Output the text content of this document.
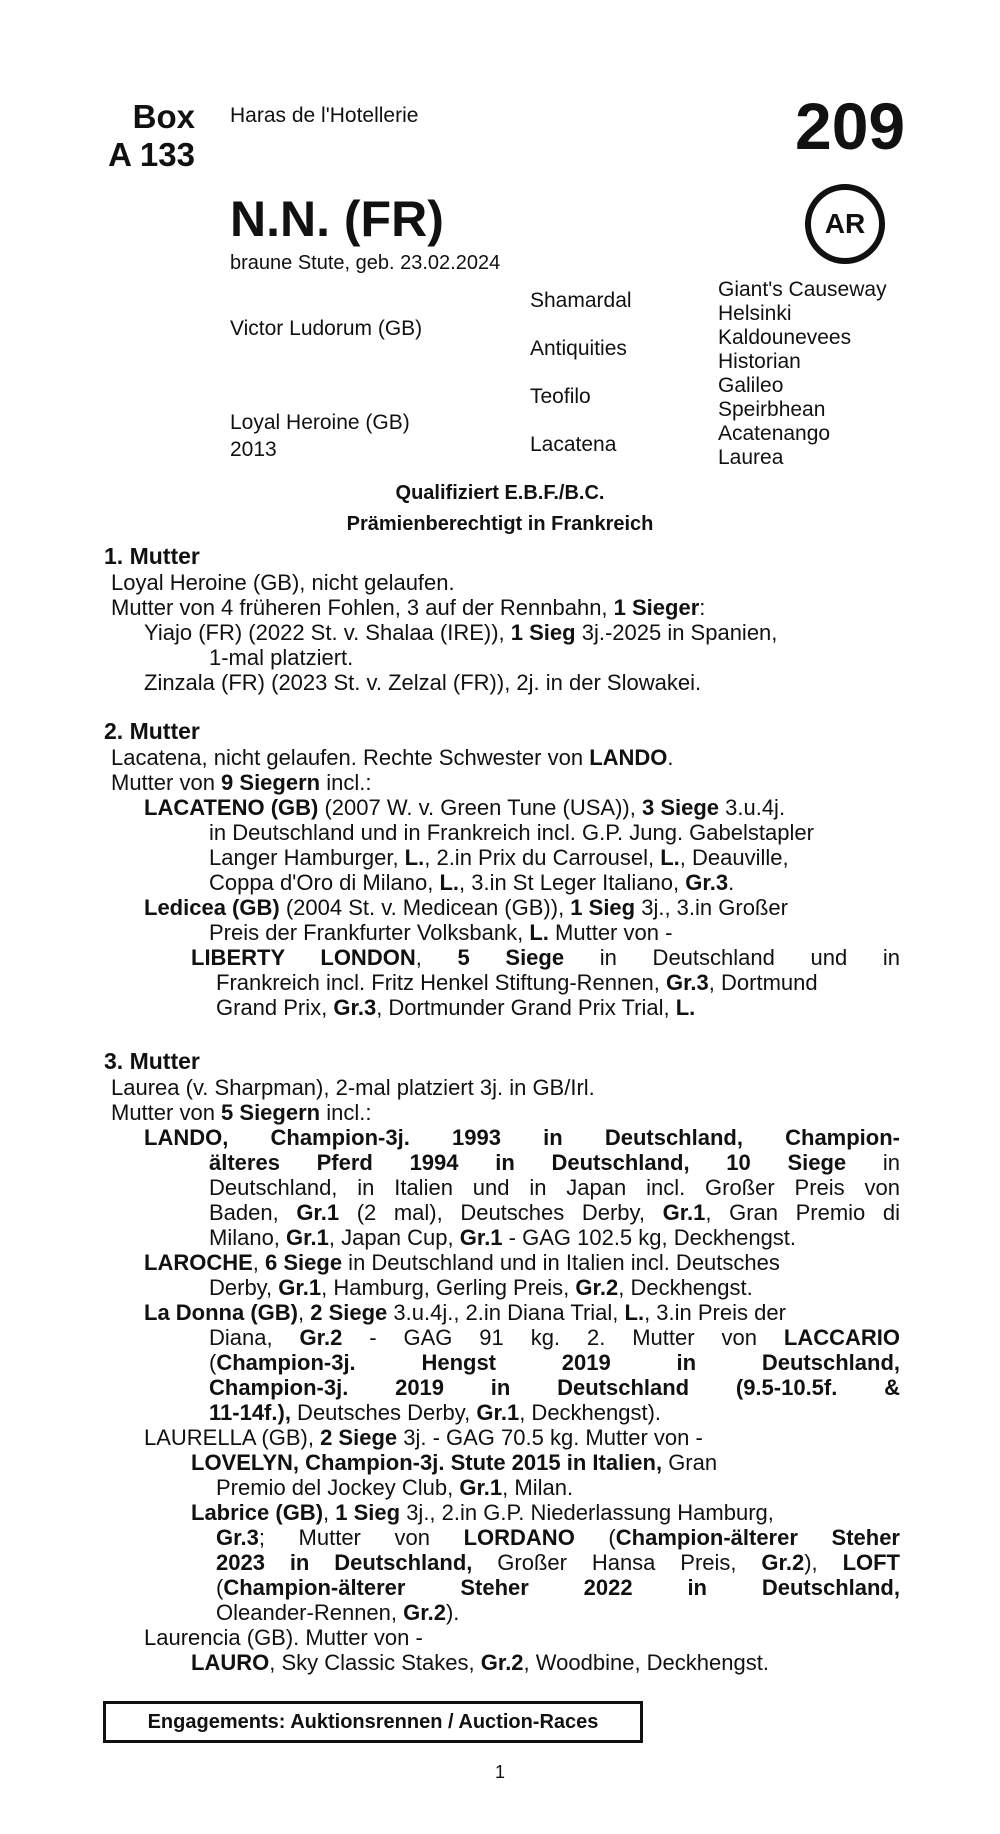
Box
A 133
Haras de l'Hotellerie	209
N.N. (FR)	AR
braune Stute, geb. 23.02.2024
Victor Ludorum (GB)
Loyal Heroine (GB)
2013
Shamardal
Antiquities
Teofilo
Lacatena
Giant's Causeway
Helsinki
Kaldounevees
Historian
Galileo
Speirbhean
Acatenango
Laurea
Qualifiziert E.B.F./B.C.
Prämienberechtigt in Frankreich
1. Mutter
Loyal Heroine (GB), nicht gelaufen.
Mutter von 4 früheren Fohlen, 3 auf der Rennbahn, 1 Sieger:
Yiajo (FR) (2022 St. v. Shalaa (IRE)), 1 Sieg 3j.-2025 in Spanien,
1-mal platziert.
Zinzala (FR) (2023 St. v. Zelzal (FR)), 2j. in der Slowakei.
2. Mutter
Lacatena, nicht gelaufen. Rechte Schwester von LANDO.
Mutter von 9 Siegern incl.:
LACATENO (GB) (2007 W. v. Green Tune (USA)), 3 Siege 3.u.4j.
in Deutschland und in Frankreich incl. G.P. Jung. Gabelstapler
Langer Hamburger, L., 2.in Prix du Carrousel, L., Deauville,
Coppa d'Oro di Milano, L., 3.in St Leger Italiano, Gr.3.
Ledicea (GB) (2004 St. v. Medicean (GB)), 1 Sieg 3j., 3.in Großer
Preis der Frankfurter Volksbank, L. Mutter von -
LIBERTY LONDON, 5 Siege in Deutschland und in
Frankreich incl. Fritz Henkel Stiftung-Rennen, Gr.3, Dortmund
Grand Prix, Gr.3, Dortmunder Grand Prix Trial, L.
3. Mutter
Laurea (v. Sharpman), 2-mal platziert 3j. in GB/Irl.
Mutter von 5 Siegern incl.:
LANDO, Champion-3j. 1993 in Deutschland, Champion-
älteres Pferd 1994 in Deutschland, 10 Siege in
Deutschland, in Italien und in Japan incl. Großer Preis von
Baden, Gr.1 (2 mal), Deutsches Derby, Gr.1, Gran Premio di
Milano, Gr.1, Japan Cup, Gr.1 - GAG 102.5 kg, Deckhengst.
LAROCHE, 6 Siege in Deutschland und in Italien incl. Deutsches
Derby, Gr.1, Hamburg, Gerling Preis, Gr.2, Deckhengst.
La Donna (GB), 2 Siege 3.u.4j., 2.in Diana Trial, L., 3.in Preis der
Diana, Gr.2 - GAG 91 kg. 2. Mutter von LACCARIO
(Champion-3j. Hengst 2019 in Deutschland,
Champion-3j. 2019 in Deutschland (9.5-10.5f. &
11-14f.), Deutsches Derby, Gr.1, Deckhengst).
LAURELLA (GB), 2 Siege 3j. - GAG 70.5 kg. Mutter von -
LOVELYN, Champion-3j. Stute 2015 in Italien, Gran
Premio del Jockey Club, Gr.1, Milan.
Labrice (GB), 1 Sieg 3j., 2.in G.P. Niederlassung Hamburg,
Gr.3; Mutter von LORDANO (Champion-älterer Steher
2023 in Deutschland, Großer Hansa Preis, Gr.2), LOFT
(Champion-älterer Steher 2022 in Deutschland,
Oleander-Rennen, Gr.2).
Laurencia (GB). Mutter von -
LAURO, Sky Classic Stakes, Gr.2, Woodbine, Deckhengst.
Engagements: Auktionsrennen / Auction-Races
1
